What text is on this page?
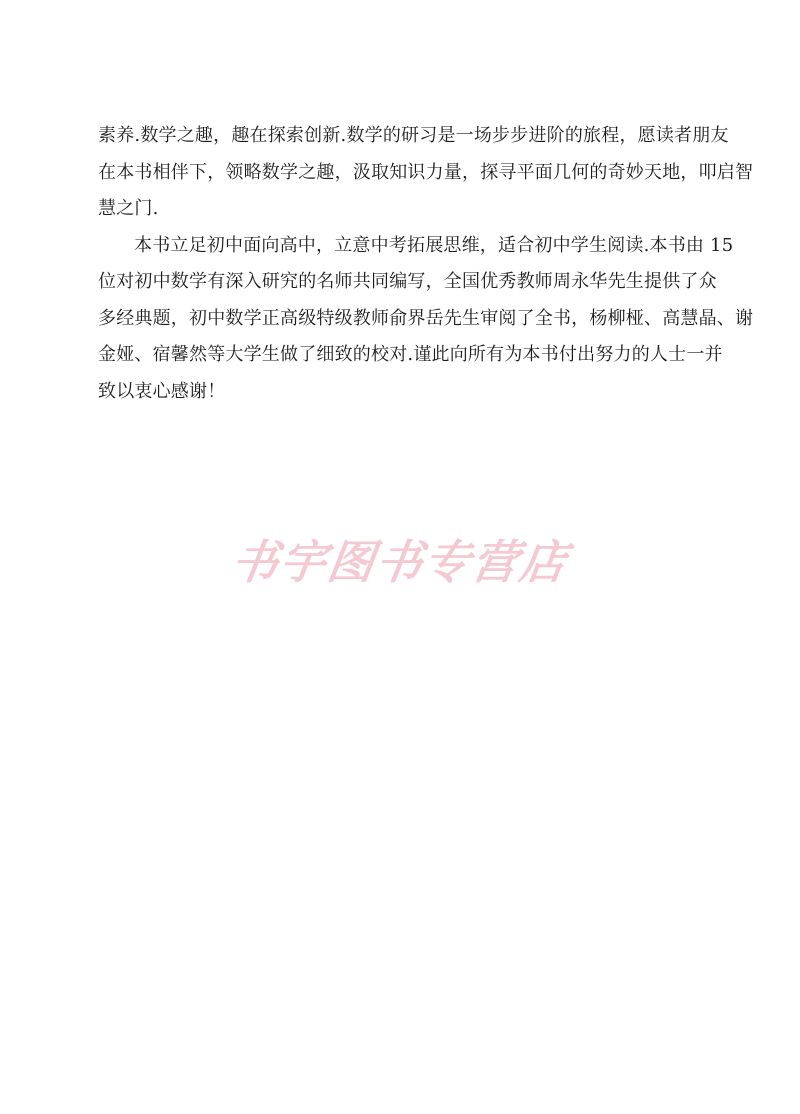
素养.数学之趣，趣在探索创新.数学的研习是一场步步进阶的旅程，愿读者朋友
在本书相伴下，领略数学之趣，汲取知识力量，探寻平面几何的奇妙天地，叩启智
慧之门.
本书立足初中面向高中，立意中考拓展思维，适合初中学生阅读.本书由 15
位对初中数学有深入研究的名师共同编写，全国优秀教师周永华先生提供了众
多经典题，初中数学正高级特级教师俞界岳先生审阅了全书，杨柳桠、高慧晶、谢
金娅、宿馨然等大学生做了细致的校对.谨此向所有为本书付出努力的人士一并
致以衷心感谢！
书宇图书专营店
